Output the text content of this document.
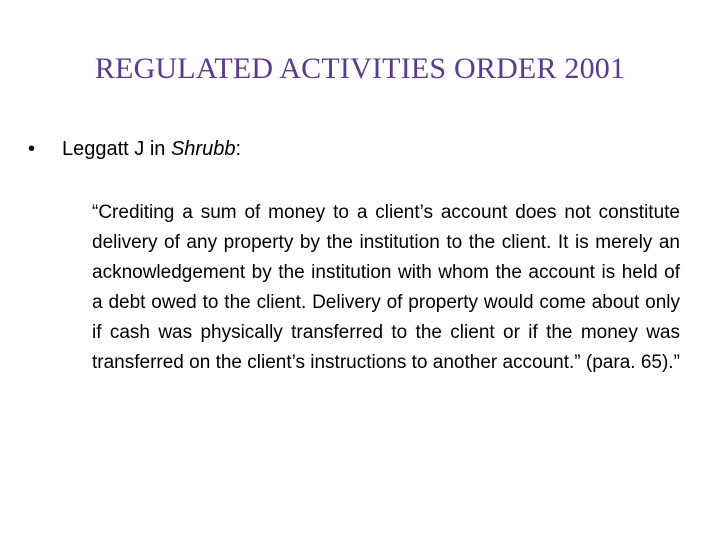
REGULATED ACTIVITIES ORDER 2001
• Leggatt J in Shrubb:
“Crediting a sum of money to a client’s account does not constitute delivery of any property by the institution to the client. It is merely an acknowledgement by the institution with whom the account is held of a debt owed to the client. Delivery of property would come about only if cash was physically transferred to the client or if the money was transferred on the client’s instructions to another account.” (para. 65).”
